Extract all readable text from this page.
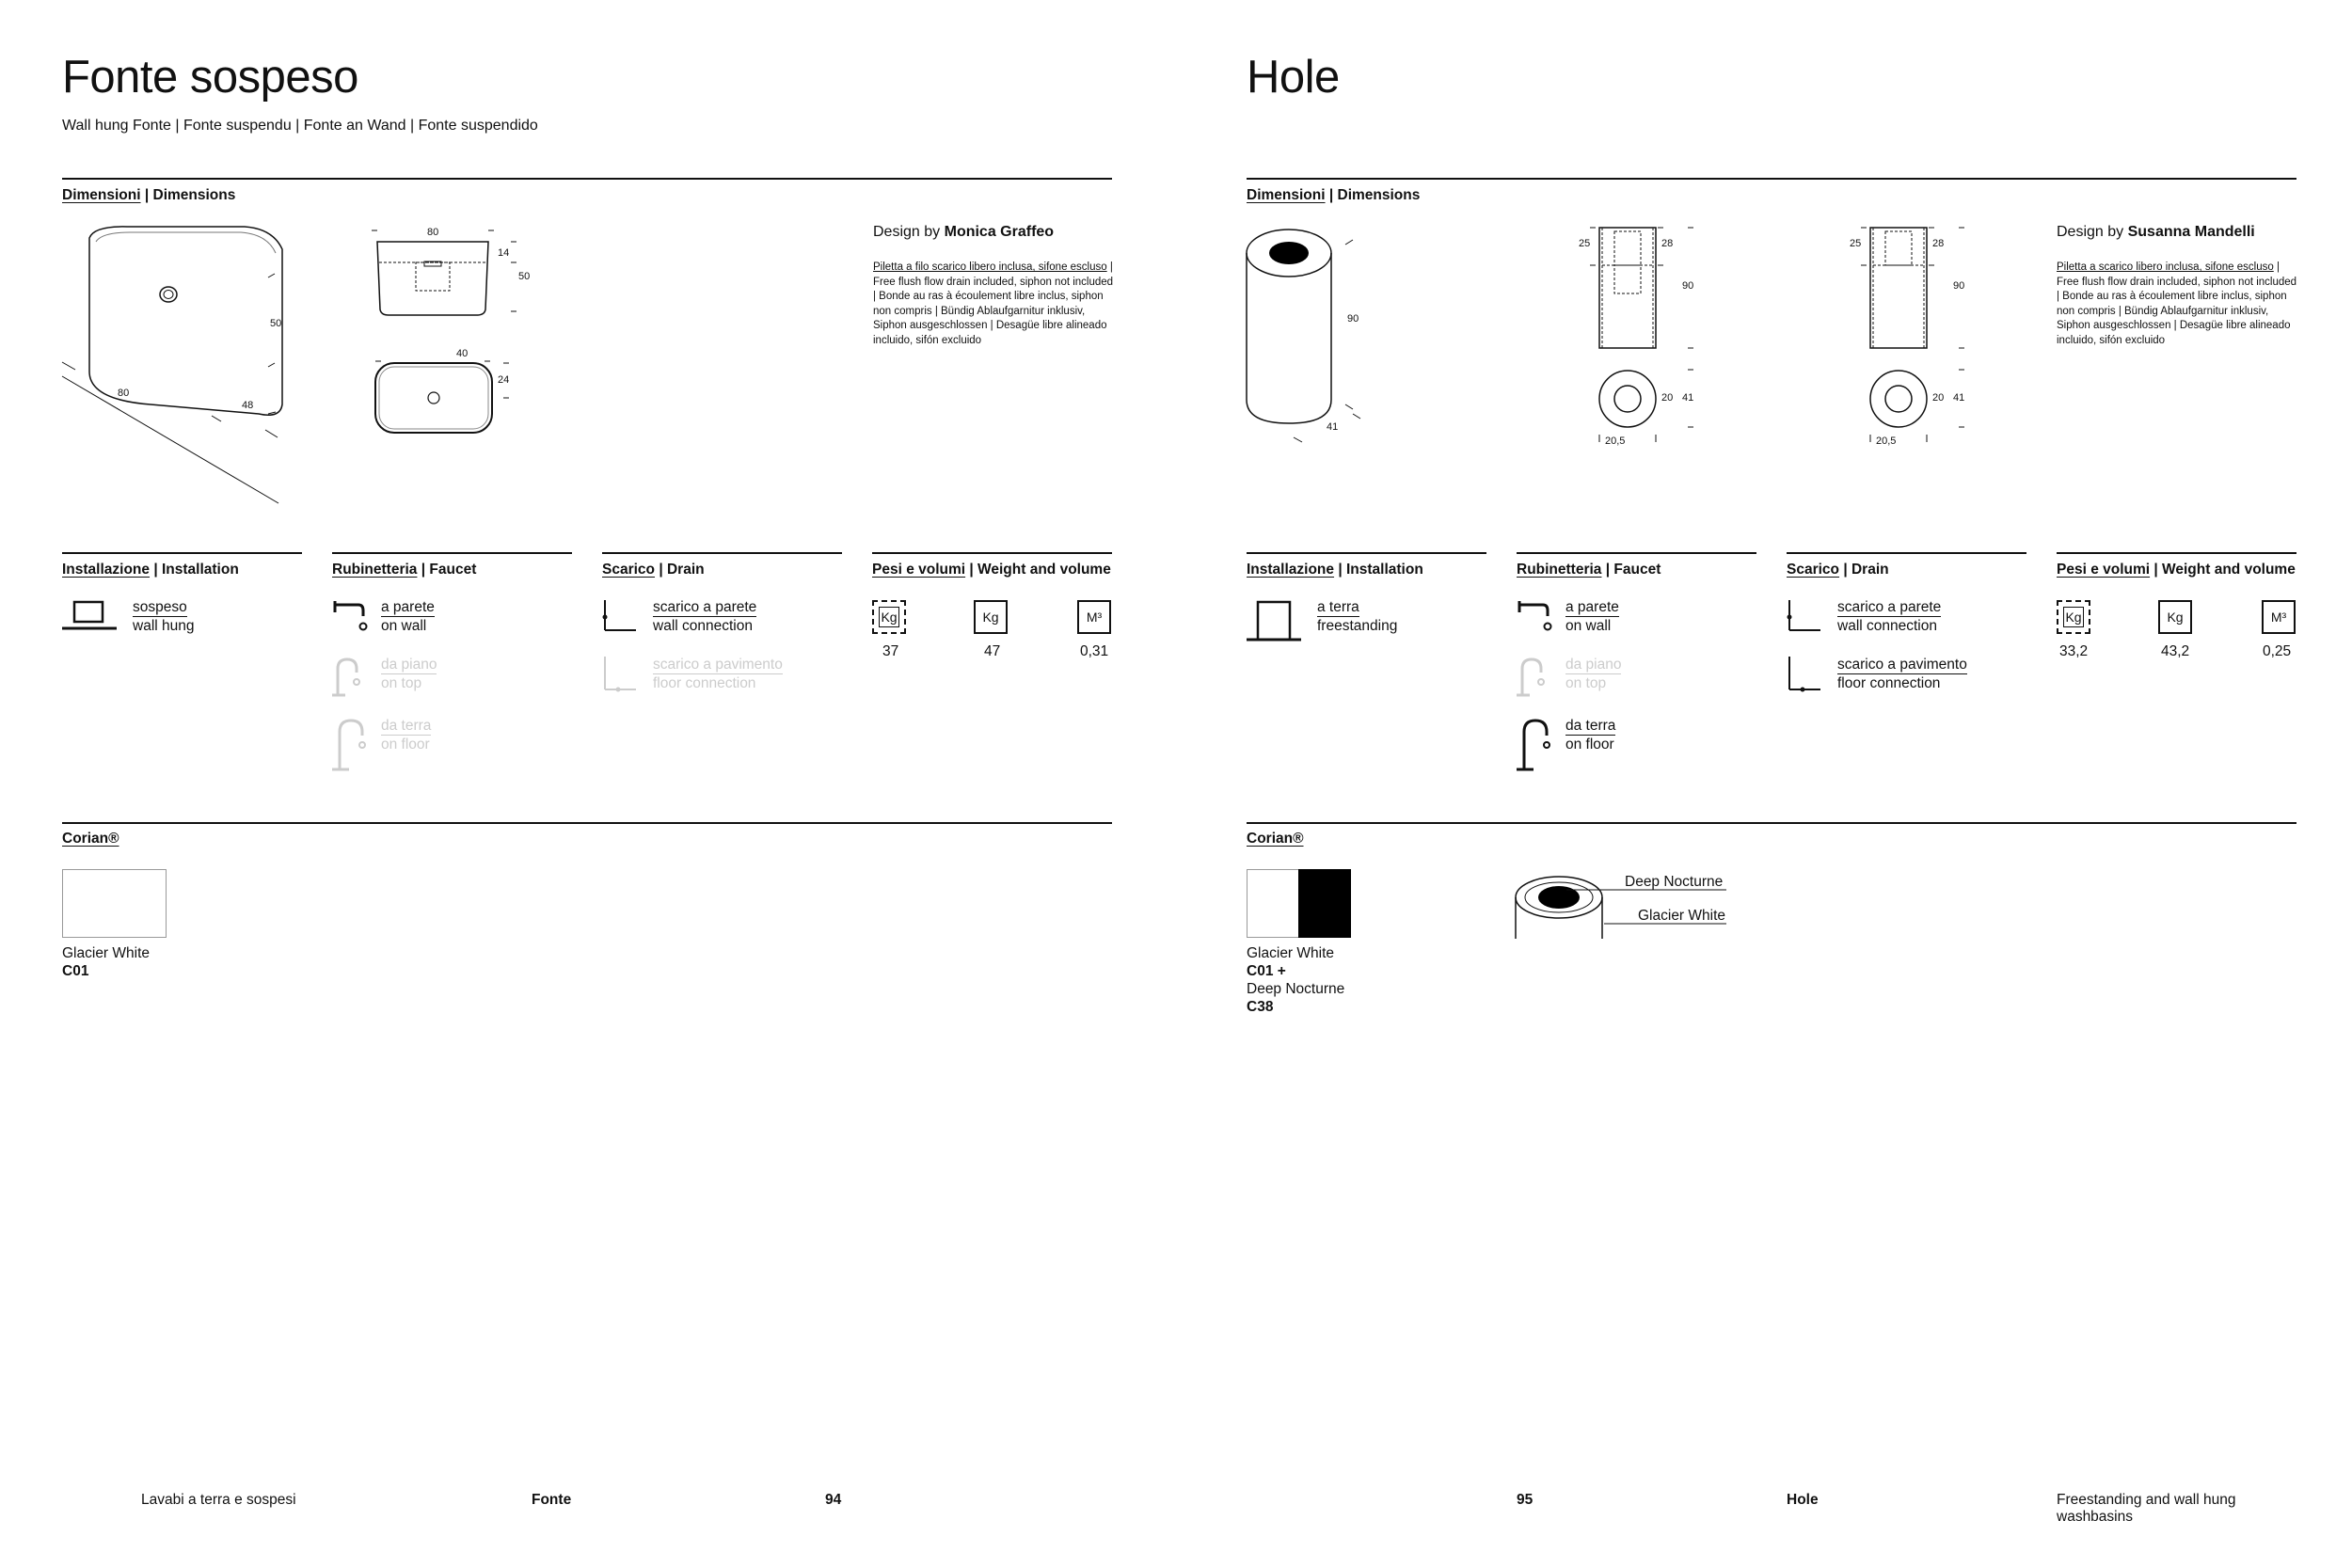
Fonte sospeso
Wall hung Fonte | Fonte suspendu | Fonte an Wand | Fonte suspendido
Dimensioni | Dimensions
50
80
48
80
14
50
40
24
Design by Monica Graffeo
Piletta a filo scarico libero inclusa, sifone escluso | Free flush flow drain included, siphon not included | Bonde au ras à écoulement libre inclus, siphon non compris | Bündig Ablaufgarnitur inklusiv, Siphon ausgeschlossen | Desagüe libre alineado incluido, sifón excluido
Installazione | Installation
sospeso
wall hung
Rubinetteria | Faucet
a parete
on wall
da piano
on top
da terra
on floor
Scarico | Drain
scarico a parete
wall connection
scarico a pavimento
floor connection
Pesi e volumi | Weight and volume
Kg	Kg	M³
37	47	0,31
Corian®
Glacier White
C01
Hole
Dimensioni | Dimensions
90
41
25	28
90
20 41
20,5
25	28
90
20 41
20,5
Design by Susanna Mandelli
Piletta a scarico libero inclusa, sifone escluso | Free flush flow drain included, siphon not included | Bonde au ras à écoulement libre inclus, siphon non compris | Bündig Ablaufgarnitur inklusiv, Siphon ausgeschlossen | Desagüe libre alineado incluido, sifón excluido
Installazione | Installation
a terra
freestanding
Rubinetteria | Faucet
a parete
on wall
da piano
on top
da terra
on floor
Scarico | Drain
scarico a parete
wall connection
scarico a pavimento
floor connection
Pesi e volumi | Weight and volume
Kg	Kg	M³
33,2	43,2	0,25
Corian®
Glacier White
C01 +
Deep Nocturne
C38
Deep Nocturne
Glacier White
Lavabi a terra e sospesi	Fonte	94	95	Hole	Freestanding and wall hung washbasins
